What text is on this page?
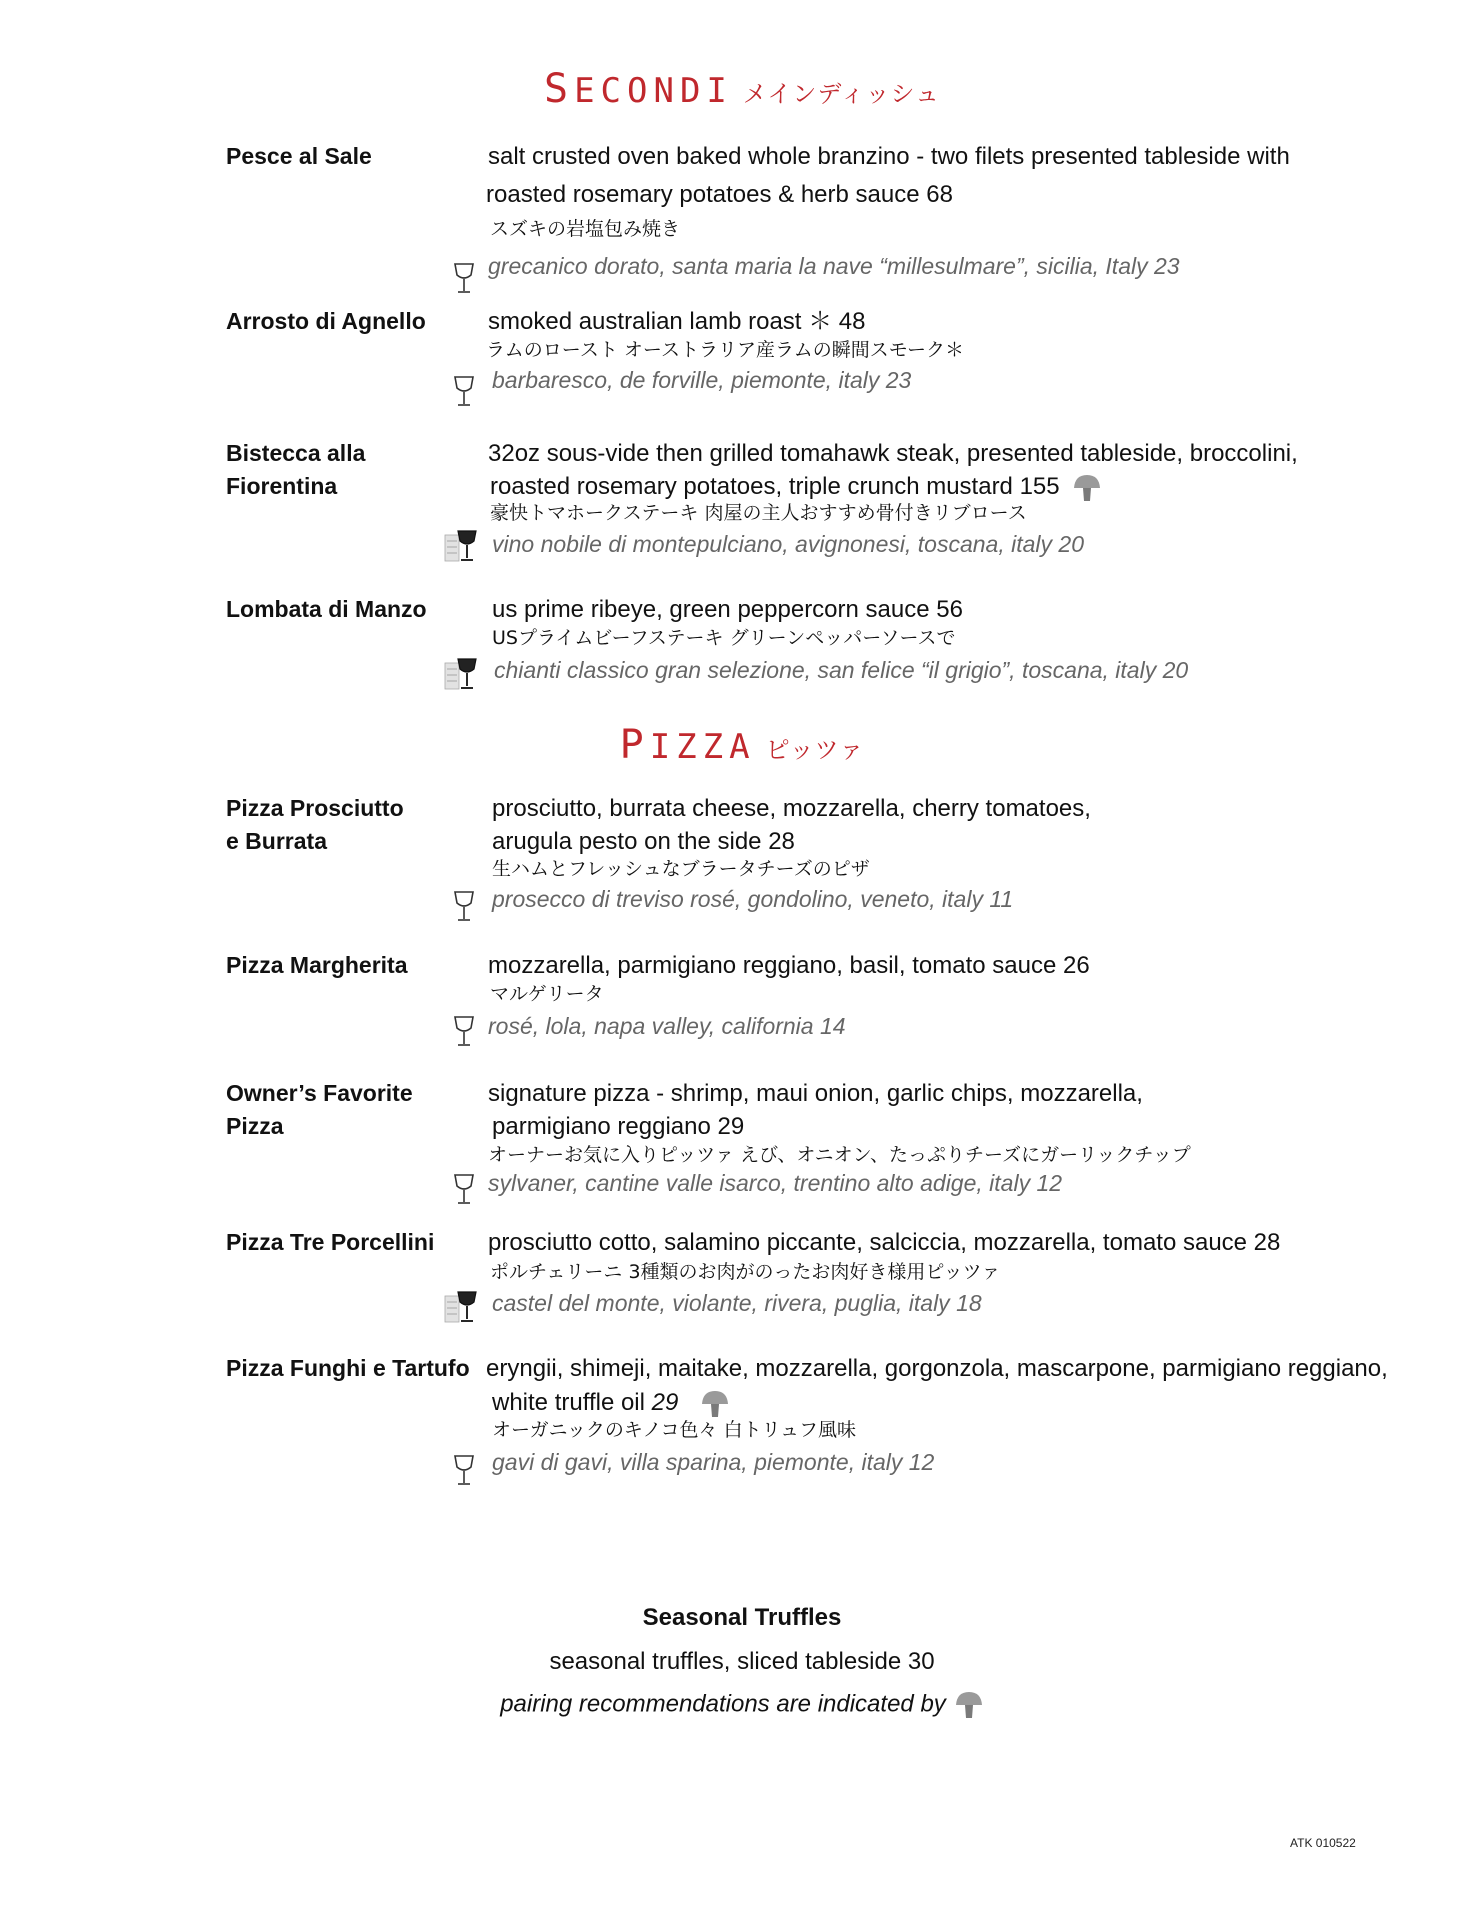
SECONDI メインディッシュ
Pesce al Sale	salt crusted oven baked whole branzino - two filets presented tableside with
roasted rosemary potatoes & herb sauce 68
スズキの岩塩包み焼き
grecanico dorato, santa maria la nave “millesulmare”, sicilia, Italy 23
Arrosto di Agnello	smoked australian lamb roast ＊ 48
ラムのロースト オーストラリア産ラムの瞬間スモーク＊
barbaresco, de forville, piemonte, italy 23
Bistecca alla
Fiorentina
32oz sous-vide then grilled tomahawk steak, presented tableside, broccolini,
roasted rosemary potatoes, triple crunch mustard 155
豪快トマホークステーキ 肉屋の主人おすすめ骨付きリブロース
vino nobile di montepulciano, avignonesi, toscana, italy 20
Lombata di Manzo	us prime ribeye, green peppercorn sauce 56
USプライムビーフステーキ グリーンペッパーソースで
chianti classico gran selezione, san felice “il grigio”, toscana, italy 20
PIZZA ピッツァ
Pizza Prosciutto
e Burrata
prosciutto, burrata cheese, mozzarella, cherry tomatoes,
arugula pesto on the side 28
生ハムとフレッシュなブラータチーズのピザ
prosecco di treviso rosé, gondolino, veneto, italy 11
Pizza Margherita	mozzarella, parmigiano reggiano, basil, tomato sauce 26
マルゲリータ
rosé, lola, napa valley, california 14
Owner’s Favorite
Pizza
signature pizza - shrimp, maui onion, garlic chips, mozzarella,
parmigiano reggiano 29
オーナーお気に入りピッツァ えび、オニオン、たっぷりチーズにガーリックチップ
sylvaner, cantine valle isarco, trentino alto adige, italy 12
Pizza Tre Porcellini	prosciutto cotto, salamino piccante, salciccia, mozzarella, tomato sauce 28
ポルチェリーニ 3種類のお肉がのったお肉好き様用ピッツァ
castel del monte, violante, rivera, puglia, italy 18
Pizza Funghi e Tartufo eryngii, shimeji, maitake, mozzarella, gorgonzola, mascarpone, parmigiano reggiano,
white truffle oil 29
オーガニックのキノコ色々 白トリュフ風味
gavi di gavi, villa sparina, piemonte, italy 12
Seasonal Truffles
seasonal truffles, sliced tableside 30
pairing recommendations are indicated by
ATK 010522
